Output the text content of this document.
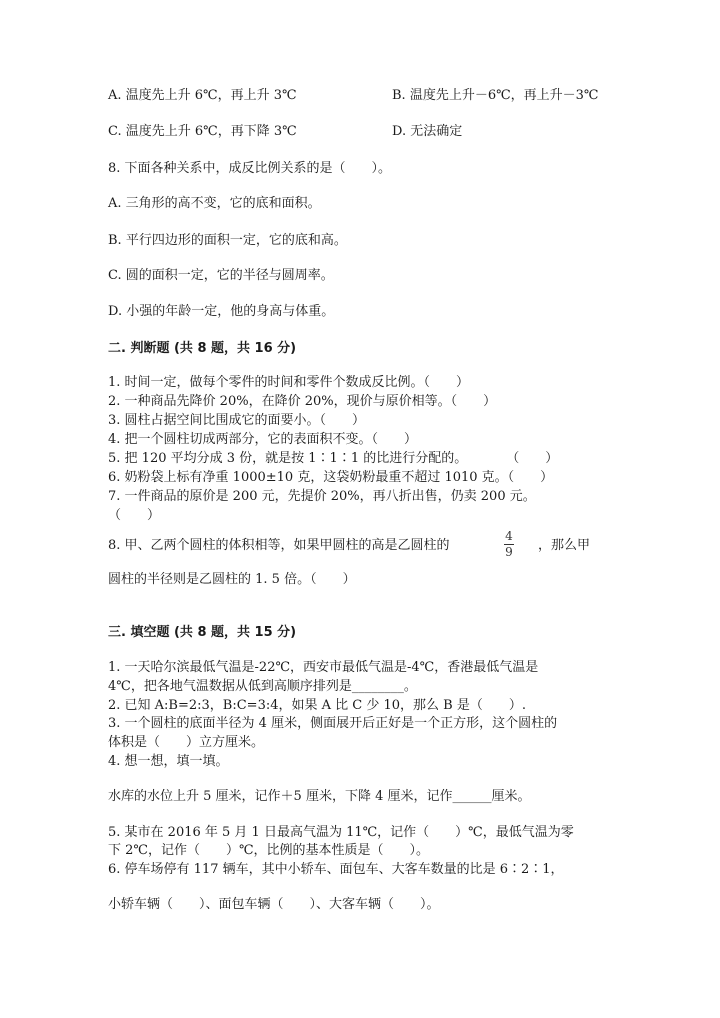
A. 温度先上升 6℃，再上升 3℃	B. 温度先上升－6℃，再上升－3℃
C. 温度先上升 6℃，再下降 3℃	D. 无法确定
8. 下面各种关系中，成反比例关系的是（　　）。
A. 三角形的高不变，它的底和面积。
B. 平行四边形的面积一定，它的底和高。
C. 圆的面积一定，它的半径与圆周率。
D. 小强的年龄一定，他的身高与体重。
二. 判断题 (共 8 题，共 16 分)
1. 时间一定，做每个零件的时间和零件个数成反比例。（　　）
2. 一种商品先降价 20%，在降价 20%，现价与原价相等。（　　）
3. 圆柱占据空间比围成它的面要小。（　　）
4. 把一个圆柱切成两部分，它的表面积不变。（　　）
5. 把 120 平均分成 3 份，就是按 1∶1∶1 的比进行分配的。　　　　（　　）
6. 奶粉袋上标有净重 1000±10 克，这袋奶粉最重不超过 1010 克。（　　）
7. 一件商品的原价是 200 元，先提价 20%，再八折出售，仍卖 200 元。
（　　）
8. 甲、乙两个圆柱的体积相等，如果甲圆柱的高是乙圆柱的
4
9 ，那么甲
圆柱的半径则是乙圆柱的 1. 5 倍。（　　）
三. 填空题 (共 8 题，共 15 分)
1. 一天哈尔滨最低气温是-22℃，西安市最低气温是-4℃，香港最低气温是
4℃，把各地气温数据从低到高顺序排列是________。
2. 已知 A:B=2:3，B:C=3:4，如果 A 比 C 少 10，那么 B 是（　　）.
3. 一个圆柱的底面半径为 4 厘米，侧面展开后正好是一个正方形，这个圆柱的
体积是（　　）立方厘米。
4. 想一想，填一填。
水库的水位上升 5 厘米，记作＋5 厘米，下降 4 厘米，记作______厘米。
5. 某市在 2016 年 5 月 1 日最高气温为 11℃，记作（　　）℃，最低气温为零
下 2℃，记作（　　）℃，比例的基本性质是（　　）。
6. 停车场停有 117 辆车，其中小轿车、面包车、大客车数量的比是 6∶2∶1，
小轿车辆（　　）、面包车辆（　　）、大客车辆（　　）。
